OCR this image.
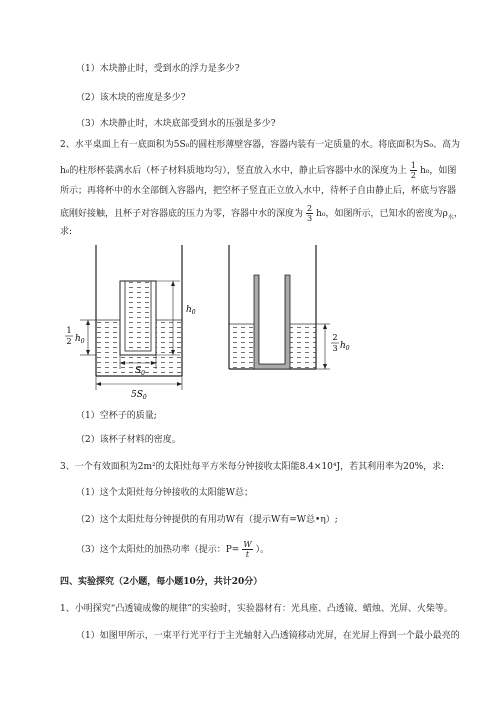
（1）木块静止时，受到水的浮力是多少?
（2）该木块的密度是多少?
（3）木块静止时，木块底部受到水的压强是多少?
2、水平桌面上有一底面积为5S₀的圆柱形薄壁容器，容器内装有一定质量的水。将底面积为S₀、高为
h₀的柱形杯装满水后（杯子材料质地均匀），竖直放入水中，静止后容器中水的深度为上 $\frac{1}{2} h_0$，如图
所示；再将杯中的水全部倒入容器内，把空杯子竖直正立放入水中，待杯子自由静止后，杯底与容器
底刚好接触，且杯子对容器底的压力为零，容器中水的深度为 $\frac{2}{3} h_0$，如图所示，已知水的密度为$\rho_水$，
求:
$h_0$
1
2 $h_0$
$S_0$
$5S_0$
2
3 $h_0$
（1）空杯子的质量;
（2）该杯子材料的密度。
3、一个有效面积为2m²的太阳灶每平方米每分钟接收太阳能8.4×10⁴J，若其利用率为20%，求:
（1）这个太阳灶每分钟接收的太阳能W总；
（2）这个太阳灶每分钟提供的有用功W有（提示W有=W总•η）;
（3）这个太阳灶的加热功率（提示：$P= \frac{W}{t}$ ）。
四、实验探究（2小题，每小题10分，共计20分）
1、小明探究“凸透镜成像的规律”的实验时，实验器材有：光具座、凸透镜、蜡烛、光屏、火柴等。
（1）如图甲所示，一束平行光平行于主光轴射入凸透镜移动光屏，在光屏上得到一个最小最亮的
